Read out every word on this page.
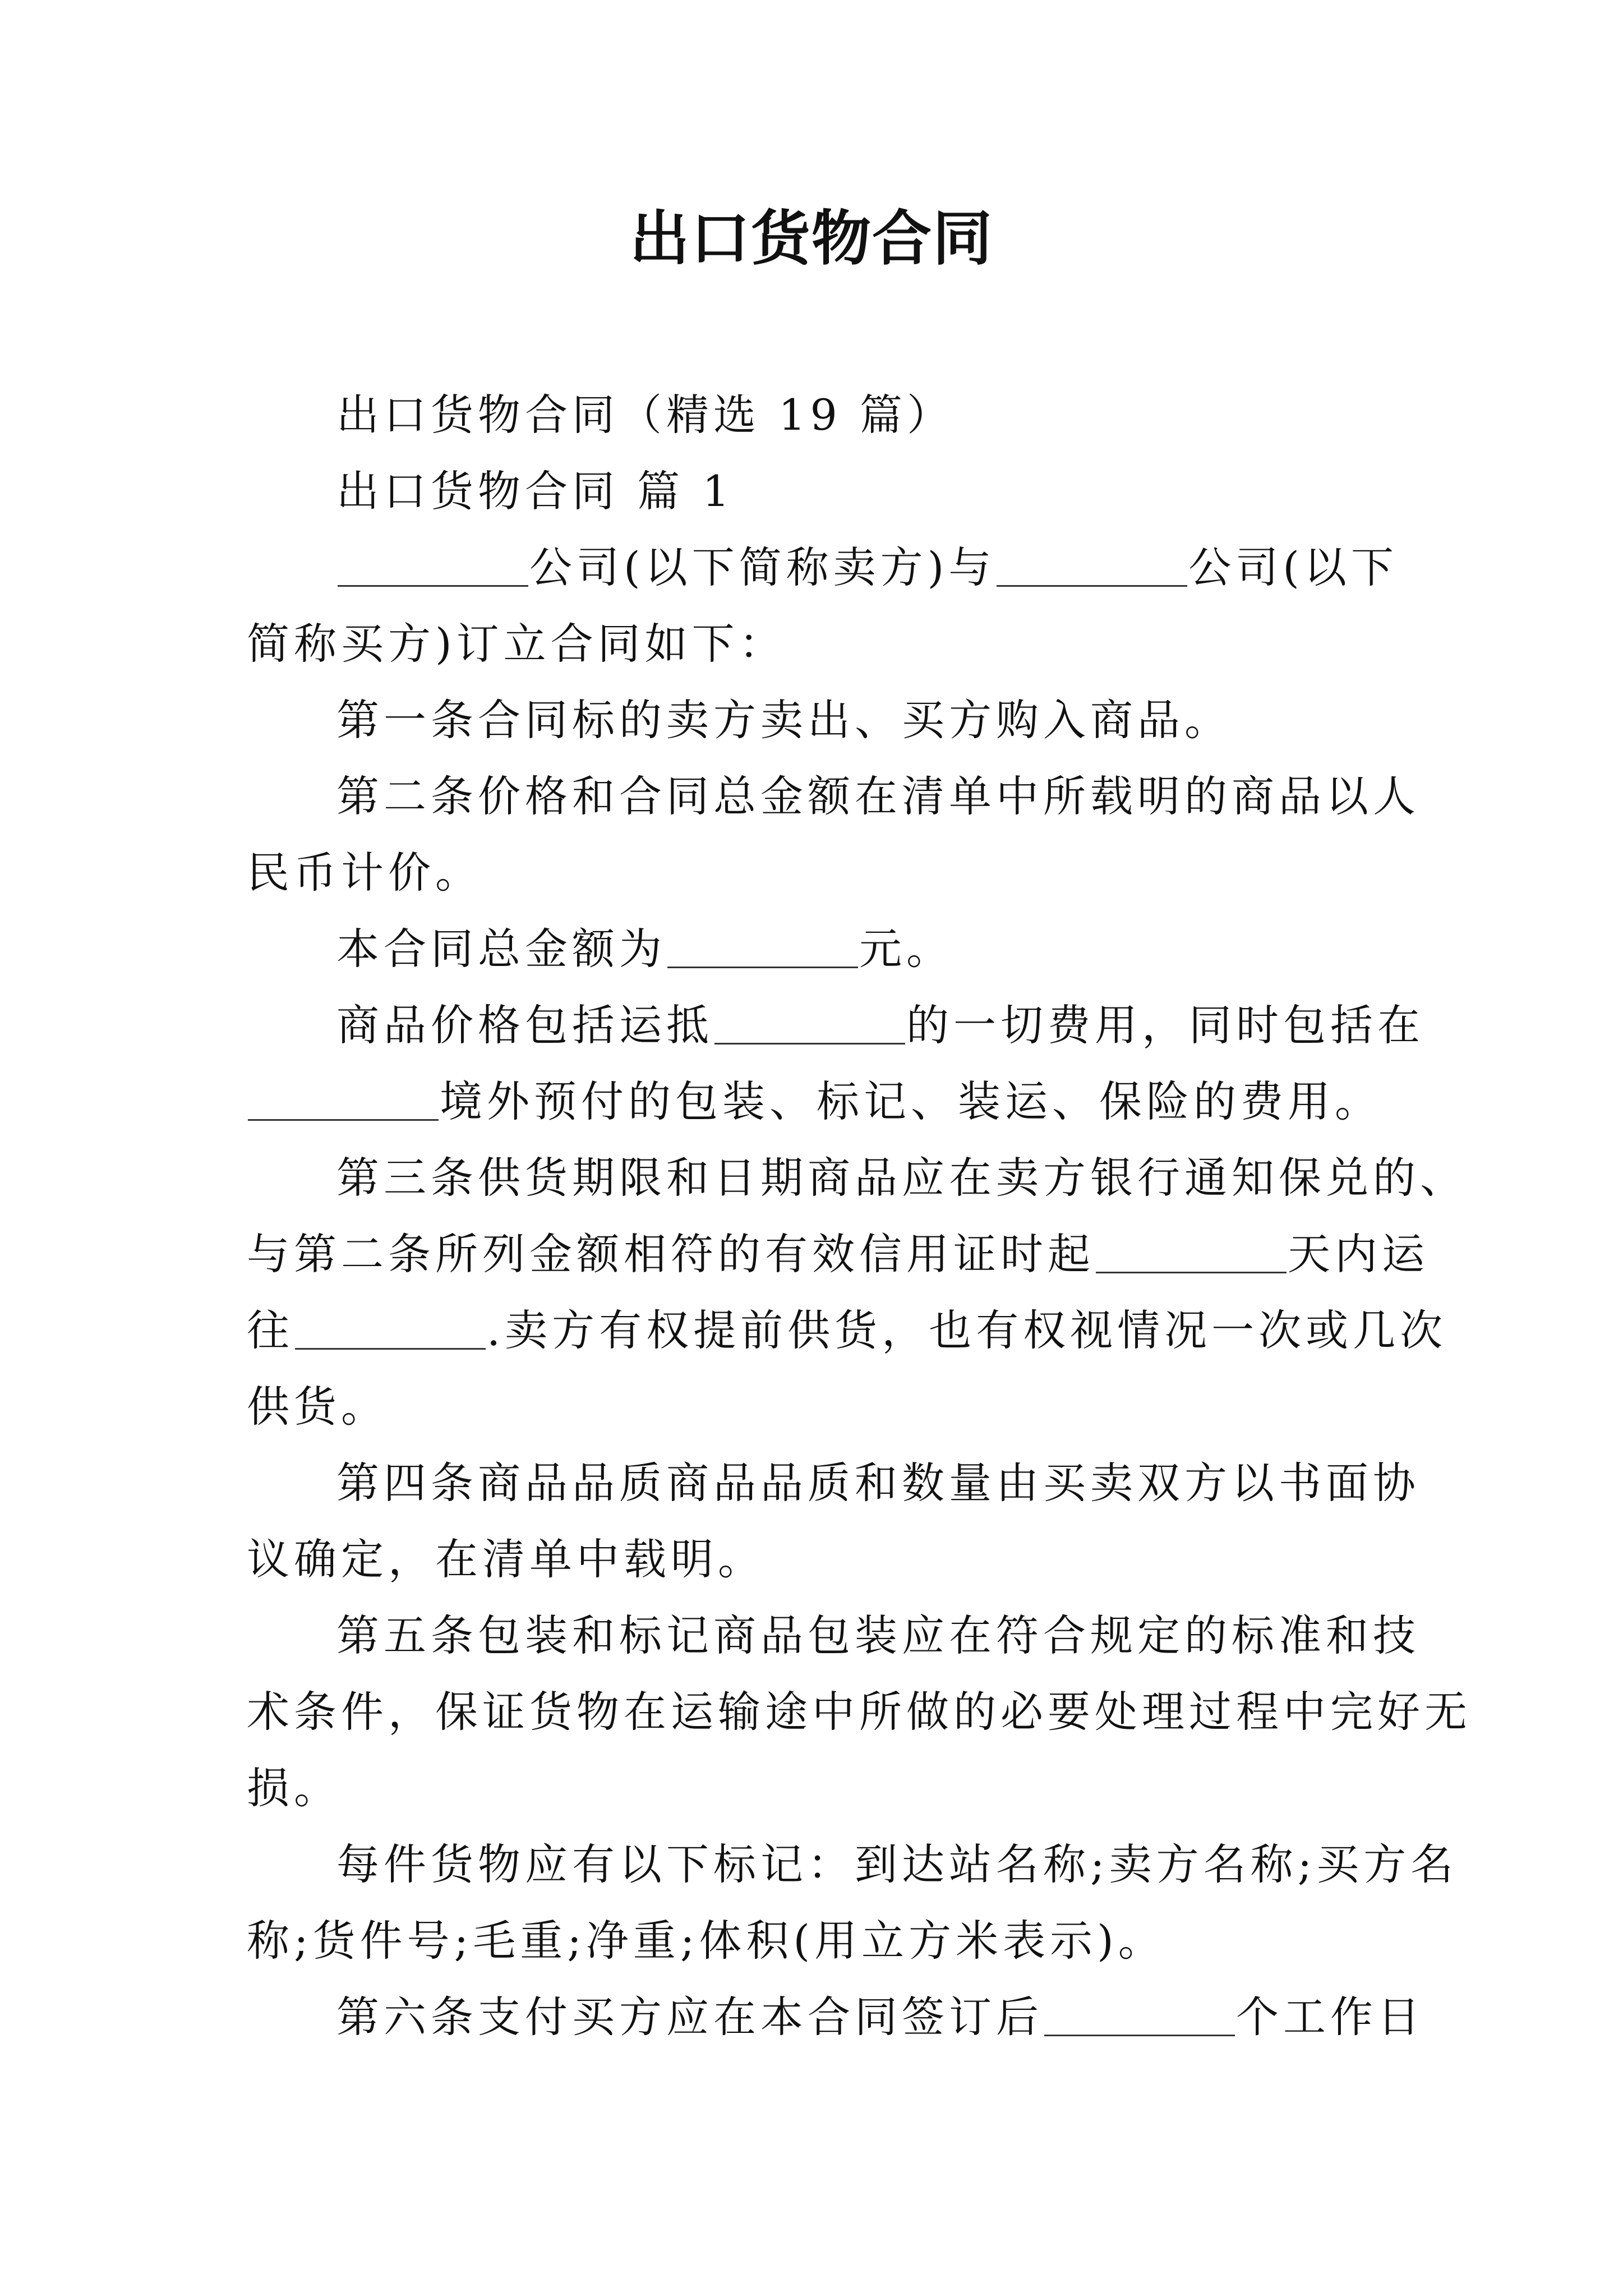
出口货物合同
出口货物合同（精选 19 篇）
出口货物合同 篇 1
公司(以下简称卖方)与	公司(以下
简称买方)订立合同如下：
第一条合同标的卖方卖出、买方购入商品。
第二条价格和合同总金额在清单中所载明的商品以人
民币计价。
本合同总金额为	元。
商品价格包括运抵	的一切费用，同时包括在
境外预付的包装、标记、装运、保险的费用。
第三条供货期限和日期商品应在卖方银行通知保兑的、
与第二条所列金额相符的有效信用证时起	天内运
往	.卖方有权提前供货，也有权视情况一次或几次
供货。
第四条商品品质商品品质和数量由买卖双方以书面协
议确定，在清单中载明。
第五条包装和标记商品包装应在符合规定的标准和技
术条件，保证货物在运输途中所做的必要处理过程中完好无
损。
每件货物应有以下标记：到达站名称;卖方名称;买方名
称;货件号;毛重;净重;体积(用立方米表示)。
第六条支付买方应在本合同签订后	个工作日
